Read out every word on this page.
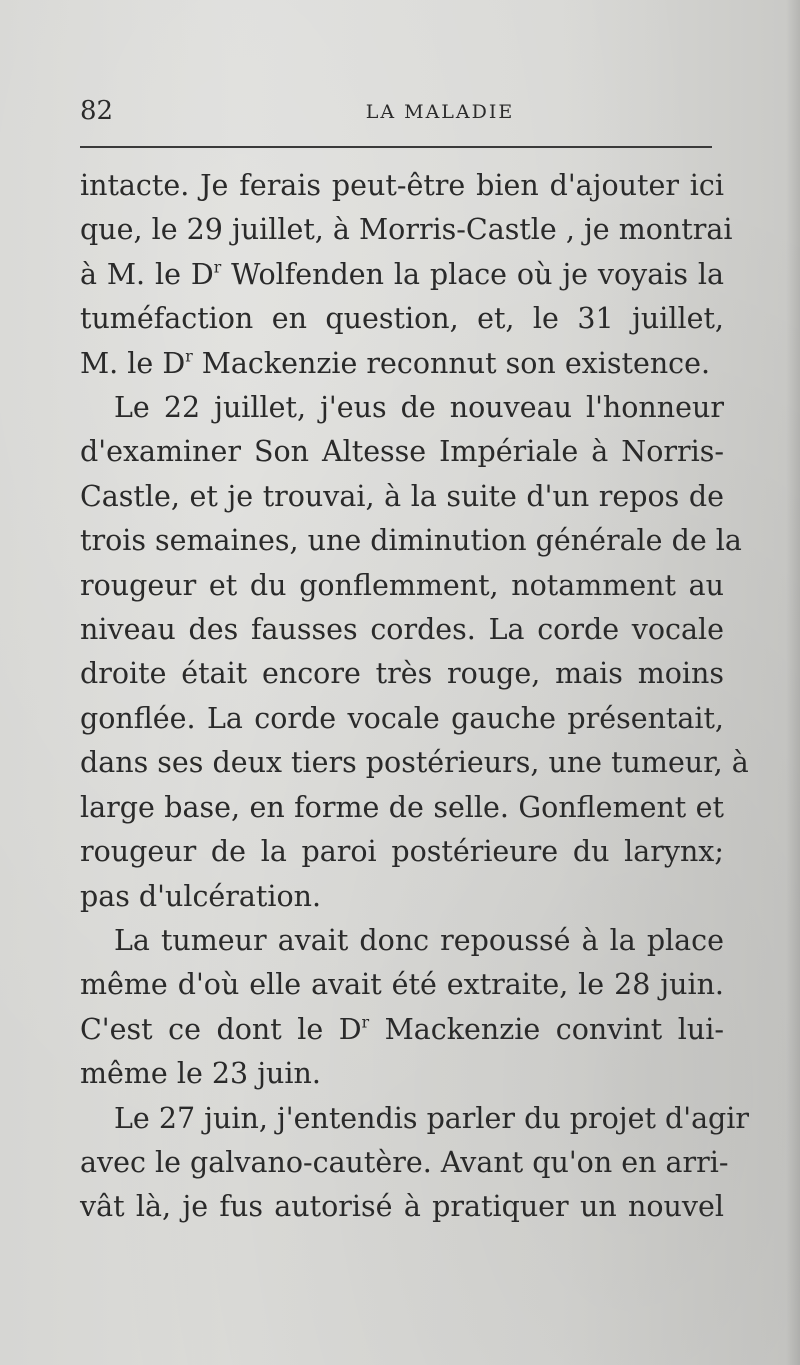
82	LA MALADIE
intacte. Je ferais peut-être bien d'ajouter ici
que, le 29 juillet, à Morris-Castle , je montrai
à M. le $D^r$ Wolfenden la place où je voyais la
tuméfaction en question, et, le 31 juillet,
M. le $D^r$ Mackenzie reconnut son existence.
Le 22 juillet, j'eus de nouveau l'honneur
d'examiner Son Altesse Impériale à Norris-
Castle, et je trouvai, à la suite d'un repos de
trois semaines, une diminution générale de la
rougeur et du gonflemment, notamment au
niveau des fausses cordes. La corde vocale
droite était encore très rouge, mais moins
gonflée. La corde vocale gauche présentait,
dans ses deux tiers postérieurs, une tumeur, à
large base, en forme de selle. Gonflement et
rougeur de la paroi postérieure du larynx;
pas d'ulcération.
La tumeur avait donc repoussé à la place
même d'où elle avait été extraite, le 28 juin.
C'est ce dont le $D^r$ Mackenzie convint lui-
même le 23 juin.
Le 27 juin, j'entendis parler du projet d'agir
avec le galvano-cautère. Avant qu'on en arri-
vât là, je fus autorisé à pratiquer un nouvel
